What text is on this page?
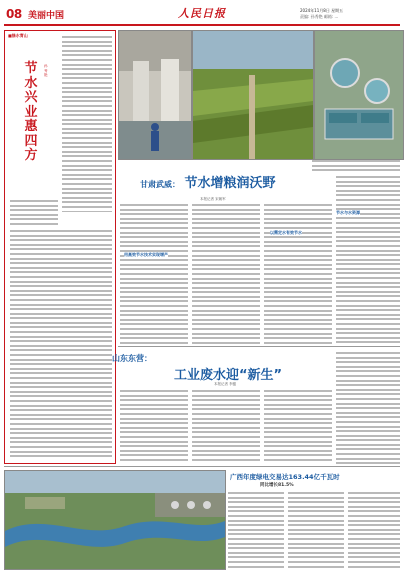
08 美丽中国	人民日报	2024年11月8日 星期五
责编: 孙秀艳 邮箱: ...
■绿水青山
节水兴业惠四方
孙秀艳
甘肃武威： 节水增粮润沃野
本报记者 宋朝军
用高效节水技术实现增产
以需定水有效节水
节水与水资源
山东东营：
工业废水迎“新生”
本报记者 李蕴
广西年度绿电交易达163.44亿千瓦时
同比增长81.5%
